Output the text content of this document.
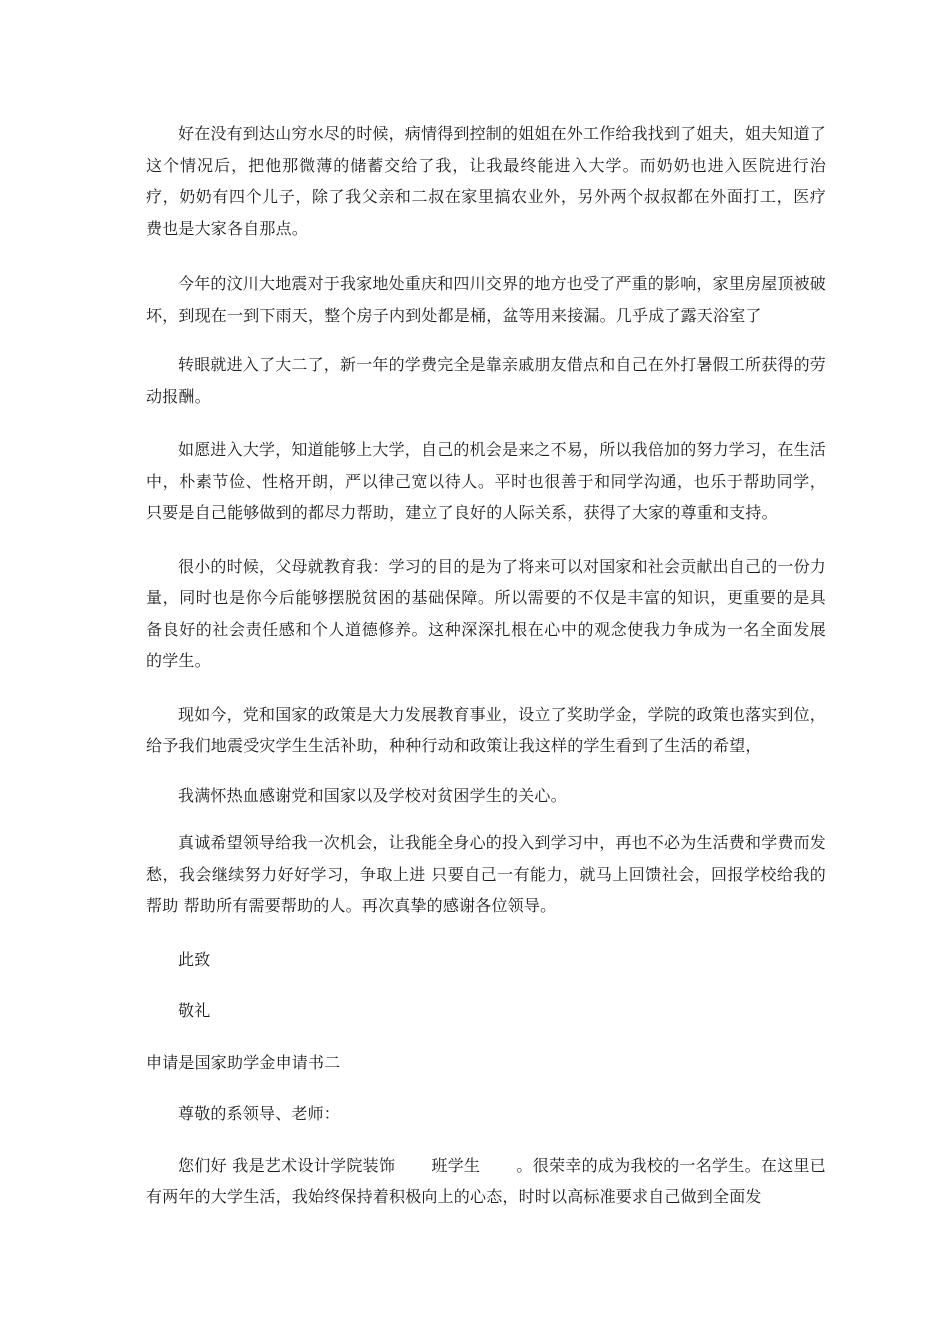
好在没有到达山穷水尽的时候，病情得到控制的姐姐在外工作给我找到了姐夫，姐夫知道了这个情况后，把他那微薄的储蓄交给了我，让我最终能进入大学。而奶奶也进入医院进行治疗，奶奶有四个儿子，除了我父亲和二叔在家里搞农业外，另外两个叔叔都在外面打工，医疗费也是大家各自那点。

今年的汶川大地震对于我家地处重庆和四川交界的地方也受了严重的影响，家里房屋顶被破坏，到现在一到下雨天，整个房子内到处都是桶，盆等用来接漏。几乎成了露天浴室了

转眼就进入了大二了，新一年的学费完全是靠亲戚朋友借点和自己在外打暑假工所获得的劳动报酬。

如愿进入大学，知道能够上大学，自己的机会是来之不易，所以我倍加的努力学习，在生活中，朴素节俭、性格开朗，严以律己宽以待人。平时也很善于和同学沟通，也乐于帮助同学，只要是自己能够做到的都尽力帮助，建立了良好的人际关系，获得了大家的尊重和支持。

很小的时候，父母就教育我：学习的目的是为了将来可以对国家和社会贡献出自己的一份力量，同时也是你今后能够摆脱贫困的基础保障。所以需要的不仅是丰富的知识，更重要的是具备良好的社会责任感和个人道德修养。这种深深扎根在心中的观念使我力争成为一名全面发展的学生。

现如今，党和国家的政策是大力发展教育事业，设立了奖助学金，学院的政策也落实到位，给予我们地震受灾学生生活补助，种种行动和政策让我这样的学生看到了生活的希望，

我满怀热血感谢党和国家以及学校对贫困学生的关心。

真诚希望领导给我一次机会，让我能全身心的投入到学习中，再也不必为生活费和学费而发愁，我会继续努力好好学习，争取上进 只要自己一有能力，就马上回馈社会，回报学校给我的帮助 帮助所有需要帮助的人。再次真挚的感谢各位领导。

此致

敬礼

申请是国家助学金申请书二

尊敬的系领导、老师：

您们好 我是艺术设计学院装饰 班学生 。很荣幸的成为我校的一名学生。在这里已有两年的大学生活，我始终保持着积极向上的心态，时时以高标准要求自己做到全面发
